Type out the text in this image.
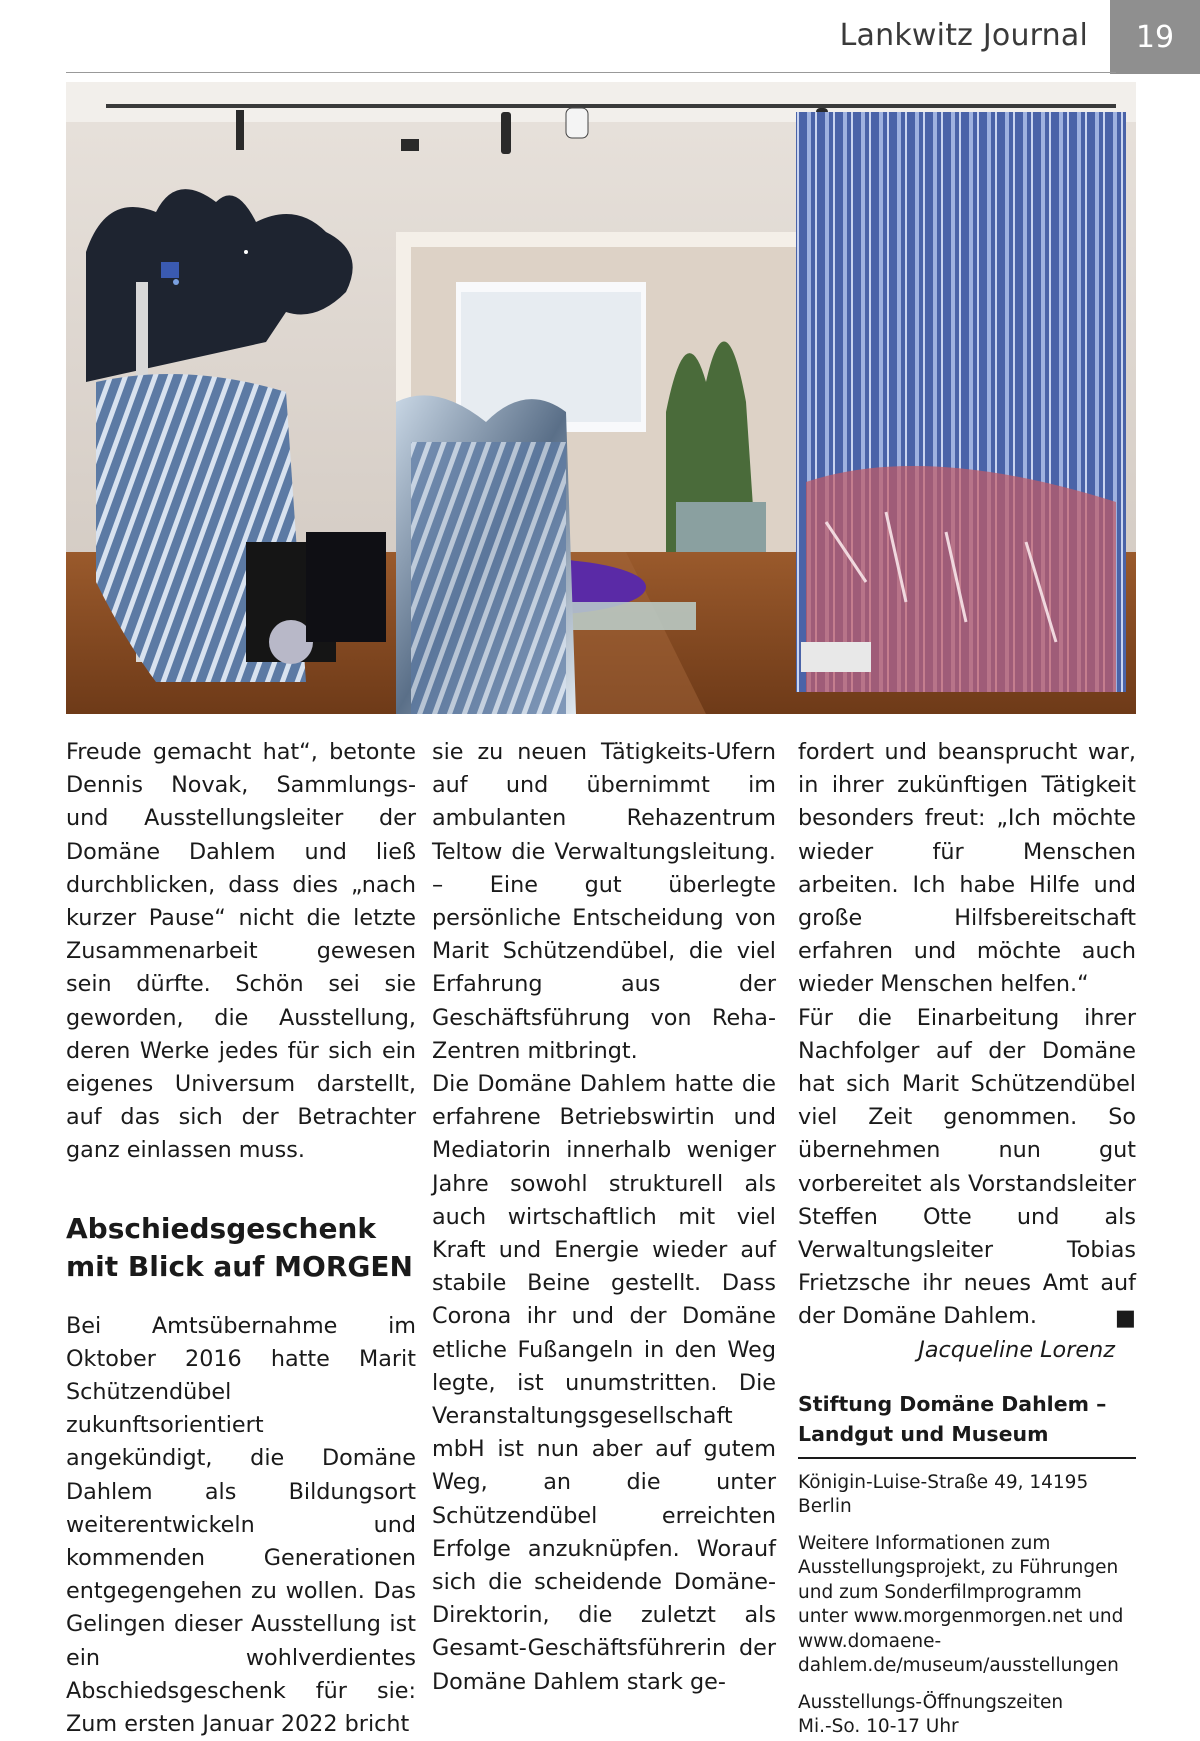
Lankwitz Journal	19

Freude gemacht hat“, betonte Dennis Novak, Sammlungs- und Ausstellungsleiter der Domäne Dahlem und ließ durchblicken, dass dies „nach kurzer Pause“ nicht die letzte Zusammenarbeit gewesen sein dürfte. Schön sei sie geworden, die Ausstellung, deren Werke jedes für sich ein eigenes Universum darstellt, auf das sich der Betrachter ganz einlassen muss.

Abschiedsgeschenk mit Blick auf MORGEN

Bei Amtsübernahme im Oktober 2016 hatte Marit Schützendübel zukunftsorientiert angekündigt, die Domäne Dahlem als Bildungsort weiterentwickeln und kommenden Generationen entgegengehen zu wollen. Das Gelingen dieser Ausstellung ist ein wohlverdientes Abschiedsgeschenk für sie: Zum ersten Januar 2022 bricht

sie zu neuen Tätigkeits-Ufern auf und übernimmt im ambulanten Rehazentrum Teltow die Verwaltungsleitung. – Eine gut überlegte persönliche Entscheidung von Marit Schützendübel, die viel Erfahrung aus der Geschäftsführung von Reha-Zentren mitbringt.

Die Domäne Dahlem hatte die erfahrene Betriebswirtin und Mediatorin innerhalb weniger Jahre sowohl strukturell als auch wirtschaftlich mit viel Kraft und Energie wieder auf stabile Beine gestellt. Dass Corona ihr und der Domäne etliche Fußangeln in den Weg legte, ist unumstritten. Die Veranstaltungsgesellschaft mbH ist nun aber auf gutem Weg, an die unter Schützendübel erreichten Erfolge anzuknüpfen. Worauf sich die scheidende Domäne-Direktorin, die zuletzt als Gesamt-Geschäftsführerin der Domäne Dahlem stark ge-

fordert und beansprucht war, in ihrer zukünftigen Tätigkeit besonders freut: „Ich möchte wieder für Menschen arbeiten. Ich habe Hilfe und große Hilfsbereitschaft erfahren und möchte auch wieder Menschen helfen.“

Für die Einarbeitung ihrer Nachfolger auf der Domäne hat sich Marit Schützendübel viel Zeit genommen. So übernehmen nun gut vorbereitet als Vorstandsleiter Steffen Otte und als Verwaltungsleiter Tobias Frietzsche ihr neues Amt auf der Domäne Dahlem.	■

Jacqueline Lorenz
Stiftung Domäne Dahlem – Landgut und Museum
Königin-Luise-Straße 49, 14195 Berlin
Weitere Informationen zum Ausstellungsprojekt, zu Führungen und zum Sonderfilmprogramm unter www.morgenmorgen.net und www.domaene-dahlem.de/museum/ausstellungen
Ausstellungs-Öffnungszeiten
Mi.-So. 10-17 Uhr
